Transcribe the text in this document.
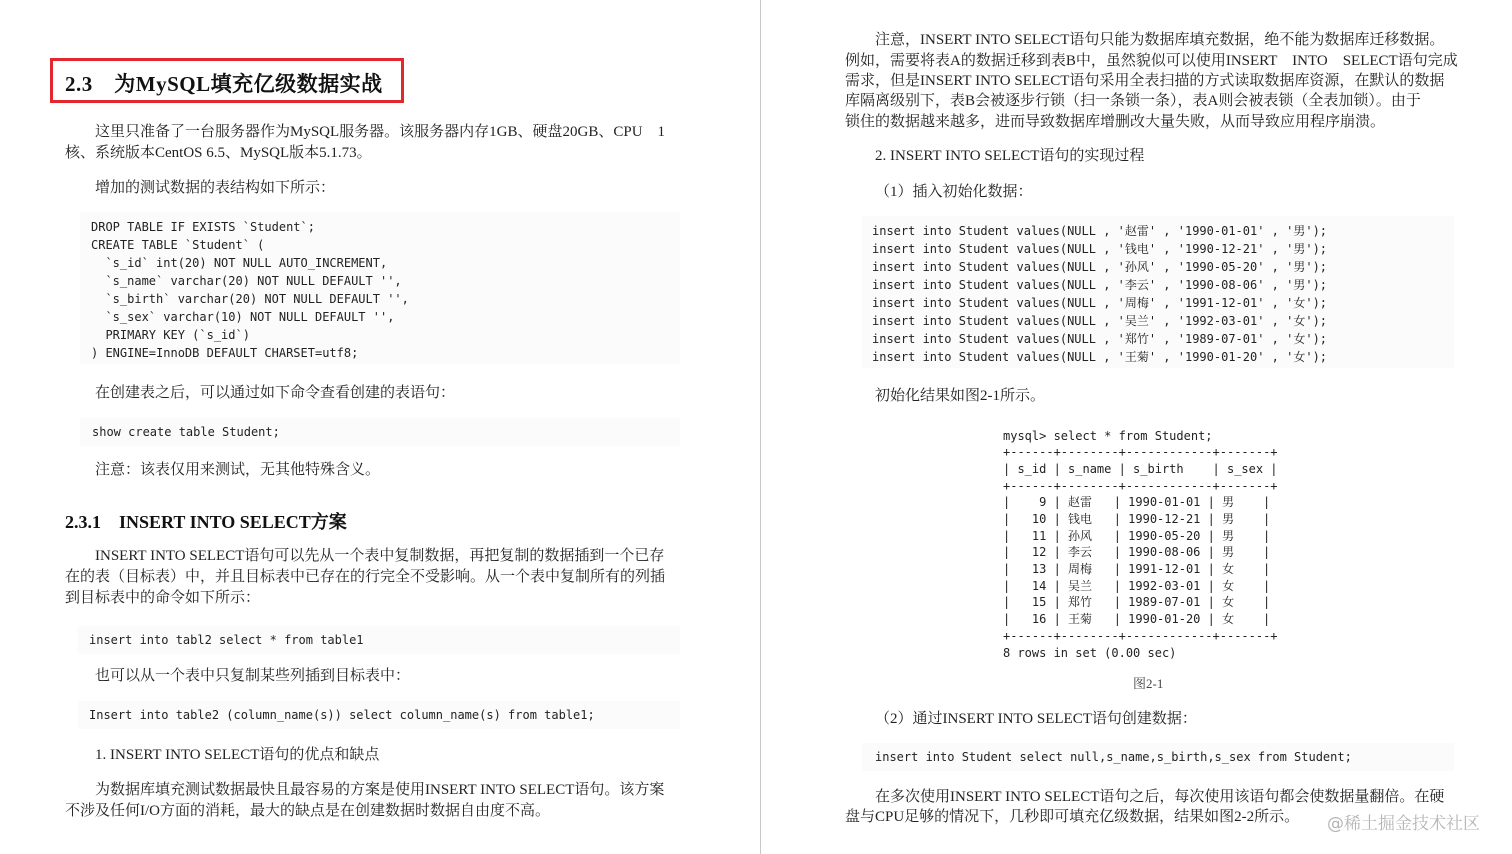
2.3　为MySQL填充亿级数据实战
这里只准备了一台服务器作为MySQL服务器。该服务器内存1GB、硬盘20GB、CPU　1
核、系统版本CentOS 6.5、MySQL版本5.1.73。
增加的测试数据的表结构如下所示：
DROP TABLE IF EXISTS `Student`;
CREATE TABLE `Student` (
`s_id` int(20) NOT NULL AUTO_INCREMENT,
`s_name` varchar(20) NOT NULL DEFAULT '',
`s_birth` varchar(20) NOT NULL DEFAULT '',
`s_sex` varchar(10) NOT NULL DEFAULT '',
PRIMARY KEY (`s_id`)
) ENGINE=InnoDB DEFAULT CHARSET=utf8;
在创建表之后，可以通过如下命令查看创建的表语句：
show create table Student;
注意：该表仅用来测试，无其他特殊含义。
2.3.1　INSERT INTO SELECT方案
INSERT INTO SELECT语句可以先从一个表中复制数据，再把复制的数据插到一个已存
在的表（目标表）中，并且目标表中已存在的行完全不受影响。从一个表中复制所有的列插
到目标表中的命令如下所示：
insert into tabl2 select * from table1
也可以从一个表中只复制某些列插到目标表中：
Insert into table2 (column_name(s)) select column_name(s) from table1;
1. INSERT INTO SELECT语句的优点和缺点
为数据库填充测试数据最快且最容易的方案是使用INSERT INTO SELECT语句。该方案
不涉及任何I/O方面的消耗，最大的缺点是在创建数据时数据自由度不高。
注意，INSERT INTO SELECT语句只能为数据库填充数据，绝不能为数据库迁移数据。
例如，需要将表A的数据迁移到表B中，虽然貌似可以使用INSERT　INTO　SELECT语句完成
需求，但是INSERT INTO SELECT语句采用全表扫描的方式读取数据库资源，在默认的数据
库隔离级别下，表B会被逐步行锁（扫一条锁一条），表A则会被表锁（全表加锁）。由于
锁住的数据越来越多，进而导致数据库增删改大量失败，从而导致应用程序崩溃。
2. INSERT INTO SELECT语句的实现过程
（1）插入初始化数据：
insert into Student values(NULL , '赵雷' , '1990-01-01' , '男');
insert into Student values(NULL , '钱电' , '1990-12-21' , '男');
insert into Student values(NULL , '孙风' , '1990-05-20' , '男');
insert into Student values(NULL , '李云' , '1990-08-06' , '男');
insert into Student values(NULL , '周梅' , '1991-12-01' , '女');
insert into Student values(NULL , '吴兰' , '1992-03-01' , '女');
insert into Student values(NULL , '郑竹' , '1989-07-01' , '女');
insert into Student values(NULL , '王菊' , '1990-01-20' , '女');
初始化结果如图2-1所示。
mysql> select * from Student;
+------+--------+------------+-------+
| s_id | s_name | s_birth    | s_sex |
+------+--------+------------+-------+
|    9 | 赵雷   | 1990-01-01 | 男    |
|   10 | 钱电   | 1990-12-21 | 男    |
|   11 | 孙风   | 1990-05-20 | 男    |
|   12 | 李云   | 1990-08-06 | 男    |
|   13 | 周梅   | 1991-12-01 | 女    |
|   14 | 吴兰   | 1992-03-01 | 女    |
|   15 | 郑竹   | 1989-07-01 | 女    |
|   16 | 王菊   | 1990-01-20 | 女    |
+------+--------+------------+-------+
8 rows in set (0.00 sec)
图2-1
（2）通过INSERT INTO SELECT语句创建数据：
insert into Student select null,s_name,s_birth,s_sex from Student;
在多次使用INSERT INTO SELECT语句之后，每次使用该语句都会使数据量翻倍。在硬
盘与CPU足够的情况下，几秒即可填充亿级数据，结果如图2-2所示。 @稀土掘金技术社区
